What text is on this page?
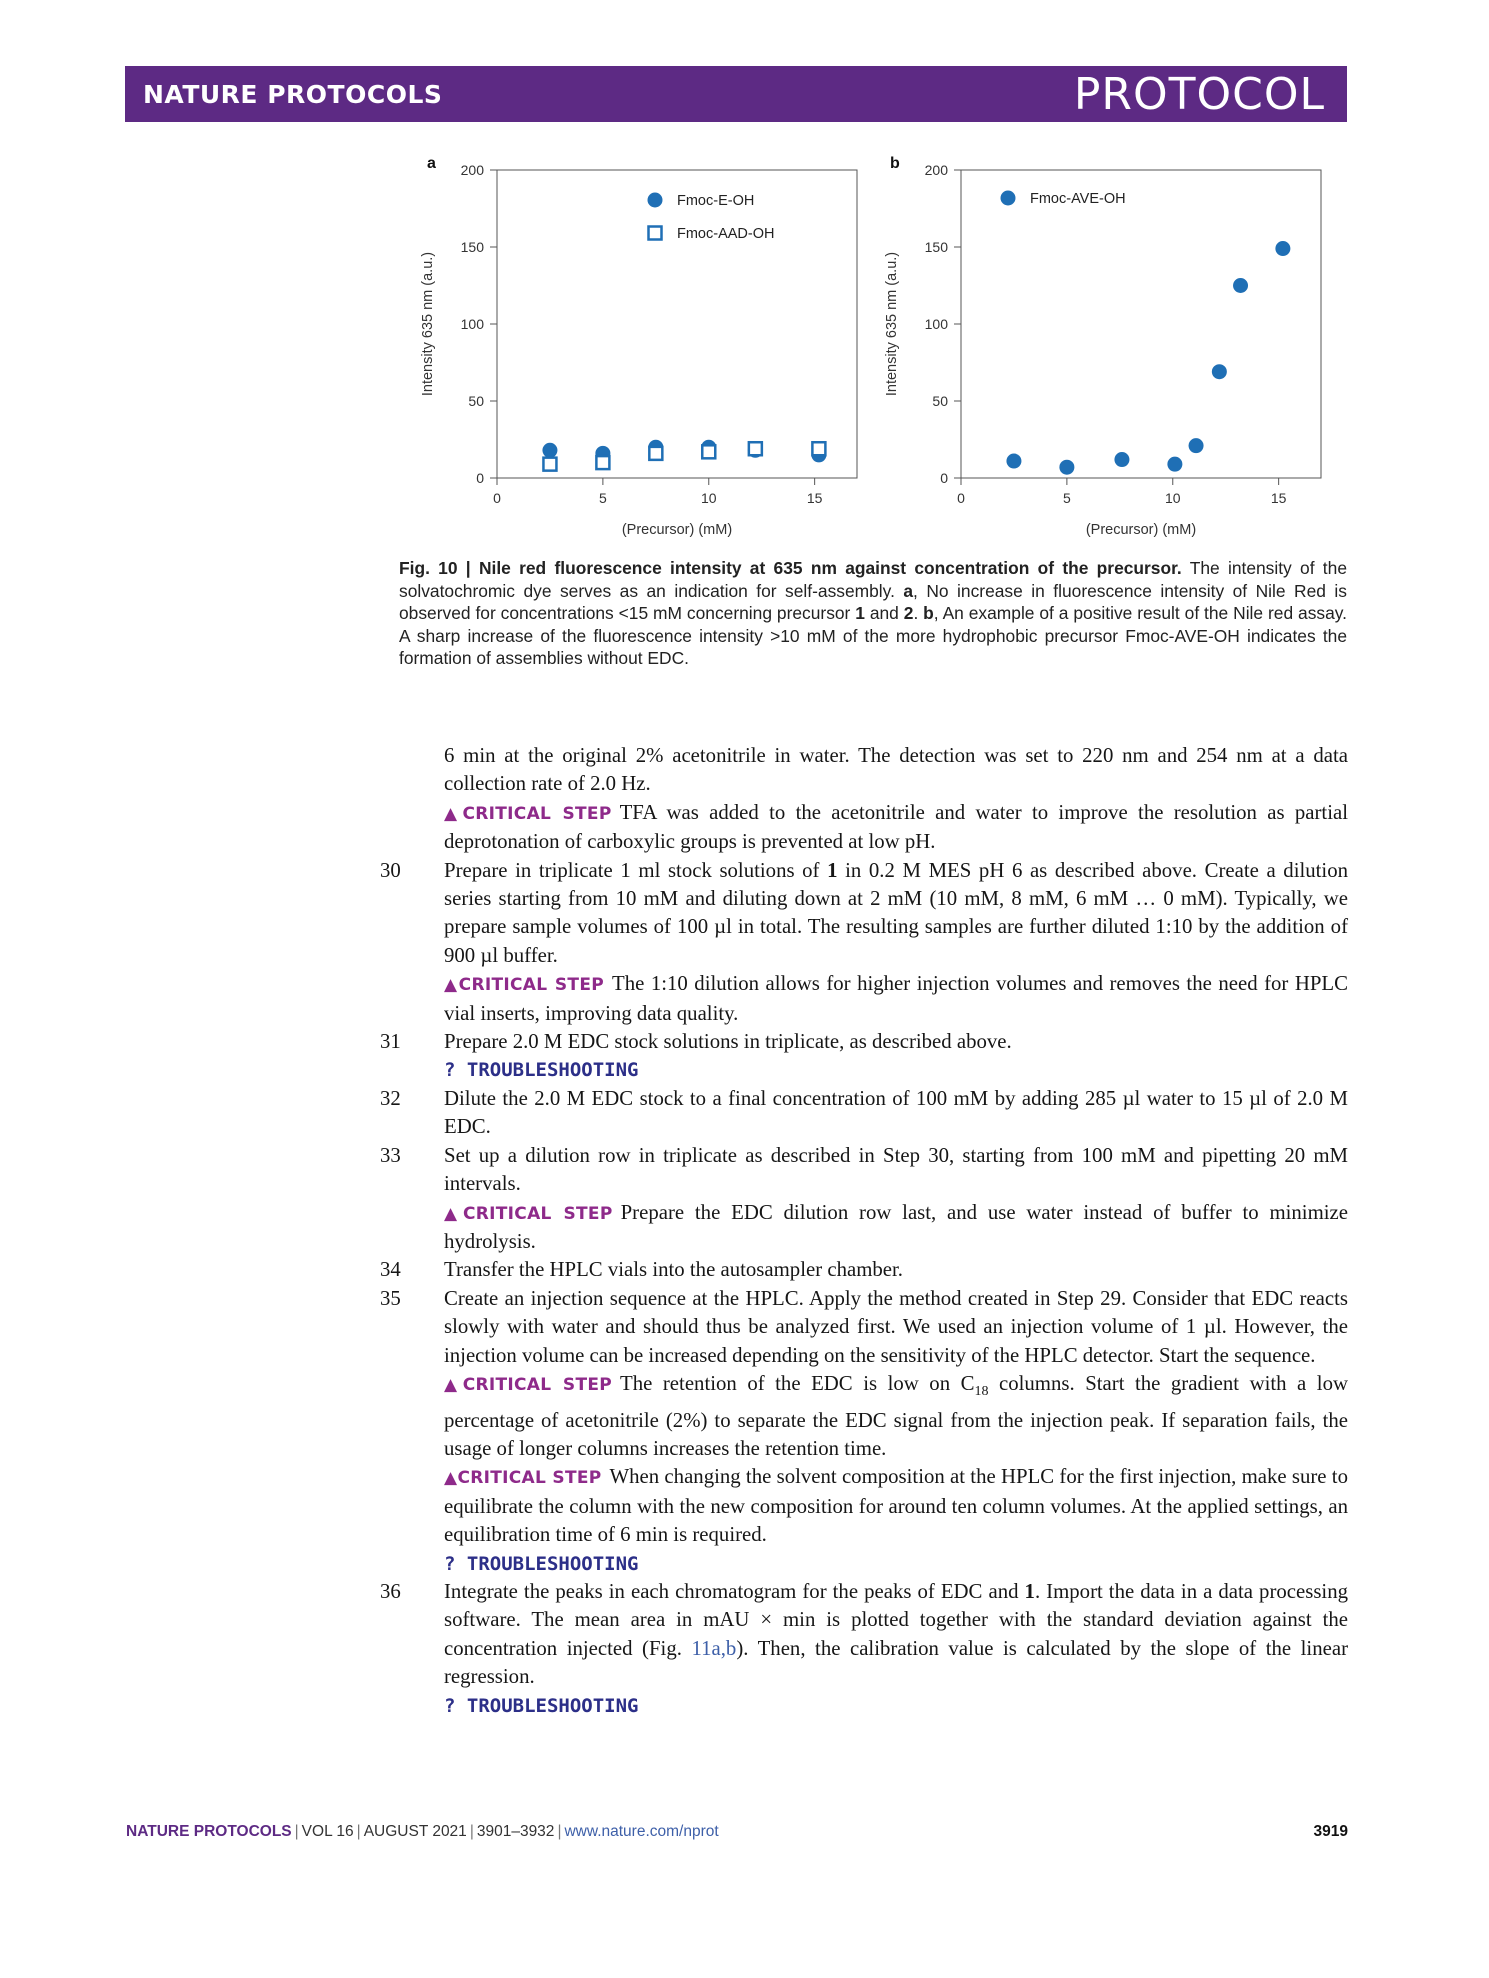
NATURE PROTOCOLS	PROTOCOL
a	b
0
50
100
150
200
0	5	10	15
(Precursor) (mM)
Intensity 635 nm (a.u.)
Fmoc-E-OH
Fmoc-AAD-OH
0
50
100
150
200
0	5	10	15
(Precursor) (mM)
Intensity 635 nm (a.u.)
Fmoc-AVE-OH
Fig. 10 | Nile red fluorescence intensity at 635 nm against concentration of the precursor. The intensity of the solvatochromic dye serves as an indication for self-assembly. a, No increase in fluorescence intensity of Nile Red is observed for concentrations <15 mM concerning precursor 1 and 2. b, An example of a positive result of the Nile red assay. A sharp increase of the fluorescence intensity >10 mM of the more hydrophobic precursor Fmoc-AVE-OH indicates the formation of assemblies without EDC.
6 min at the original 2% acetonitrile in water. The detection was set to 220 nm and 254 nm at a data collection rate of 2.0 Hz.
▲CRITICAL STEP TFA was added to the acetonitrile and water to improve the resolution as partial deprotonation of carboxylic groups is prevented at low pH.
30 Prepare in triplicate 1 ml stock solutions of 1 in 0.2 M MES pH 6 as described above. Create a dilution series starting from 10 mM and diluting down at 2 mM (10 mM, 8 mM, 6 mM … 0 mM). Typically, we prepare sample volumes of 100 µl in total. The resulting samples are further diluted 1:10 by the addition of 900 µl buffer.
▲CRITICAL STEP The 1:10 dilution allows for higher injection volumes and removes the need for HPLC vial inserts, improving data quality.
31 Prepare 2.0 M EDC stock solutions in triplicate, as described above.
? TROUBLESHOOTING
32 Dilute the 2.0 M EDC stock to a final concentration of 100 mM by adding 285 µl water to 15 µl of 2.0 M EDC.
33 Set up a dilution row in triplicate as described in Step 30, starting from 100 mM and pipetting 20 mM intervals.
▲CRITICAL STEP Prepare the EDC dilution row last, and use water instead of buffer to minimize hydrolysis.
34 Transfer the HPLC vials into the autosampler chamber.
35 Create an injection sequence at the HPLC. Apply the method created in Step 29. Consider that EDC reacts slowly with water and should thus be analyzed first. We used an injection volume of 1 µl. However, the injection volume can be increased depending on the sensitivity of the HPLC detector. Start the sequence.
▲CRITICAL STEP The retention of the EDC is low on $C_{18}$ columns. Start the gradient with a low percentage of acetonitrile (2%) to separate the EDC signal from the injection peak. If separation fails, the usage of longer columns increases the retention time.
▲CRITICAL STEP When changing the solvent composition at the HPLC for the first injection, make sure to equilibrate the column with the new composition for around ten column volumes. At the applied settings, an equilibration time of 6 min is required.
? TROUBLESHOOTING
36 Integrate the peaks in each chromatogram for the peaks of EDC and 1. Import the data in a data processing software. The mean area in mAU × min is plotted together with the standard deviation against the concentration injected (Fig. 11a,b). Then, the calibration value is calculated by the slope of the linear regression.
? TROUBLESHOOTING
NATURE PROTOCOLS | VOL 16 | AUGUST 2021 | 3901–3932 | www.nature.com/nprot	3919
